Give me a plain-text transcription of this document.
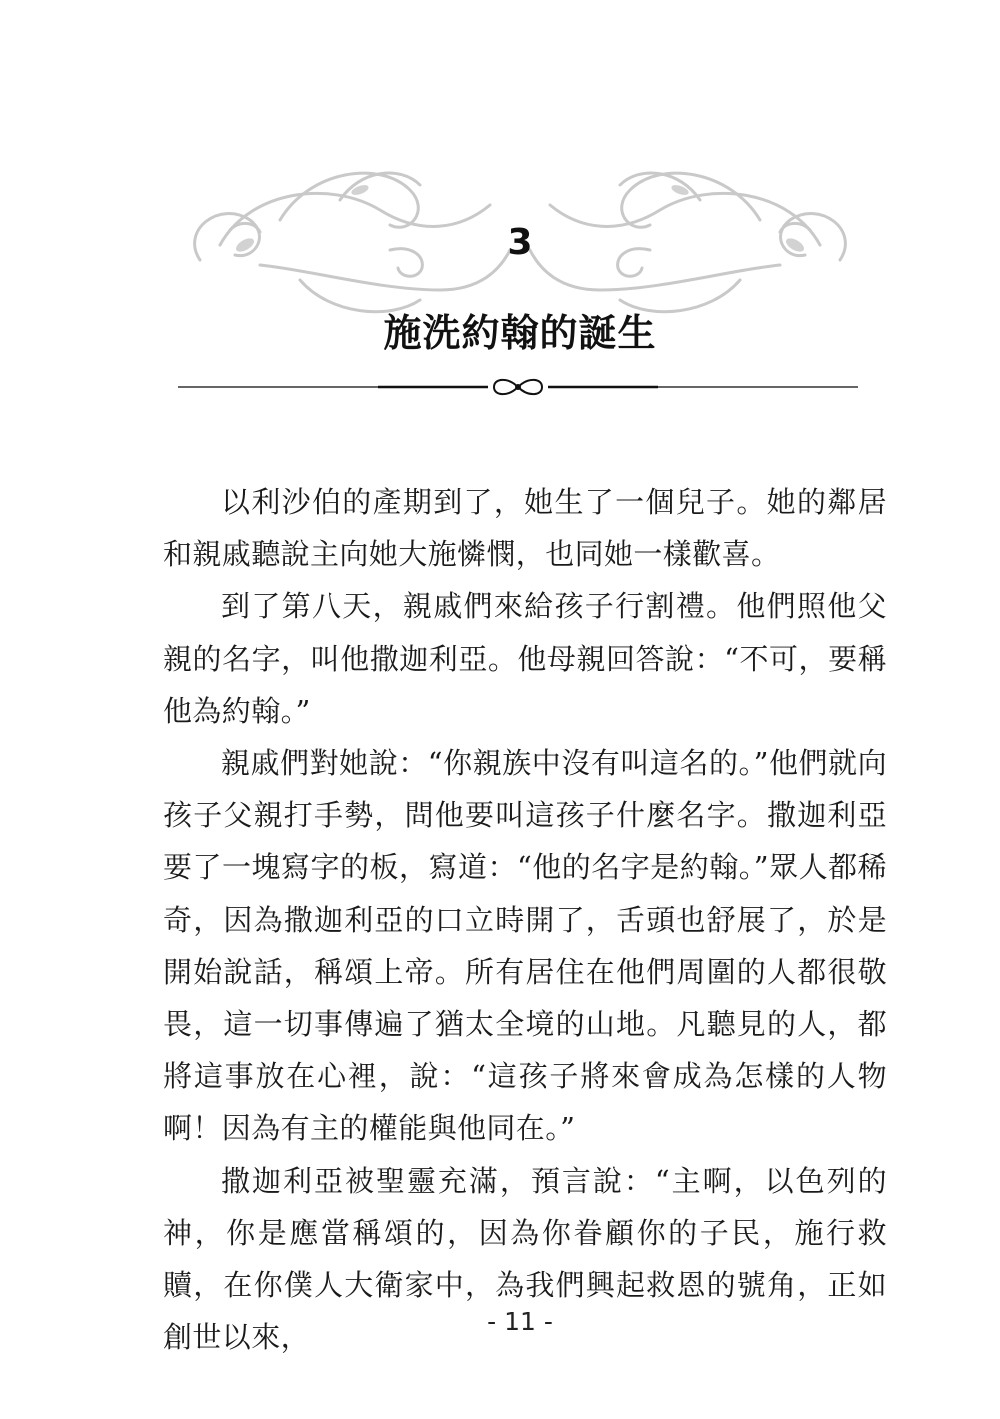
3
施洗約翰的誕生

以利沙伯的產期到了，她生了一個兒子。她的鄰居和親戚聽說主向她大施憐憫，也同她一樣歡喜。

到了第八天，親戚們來給孩子行割禮。他們照他父親的名字，叫他撒迦利亞。他母親回答說：“不可，要稱他為約翰。”

親戚們對她說：“你親族中沒有叫這名的。”他們就向孩子父親打手勢，問他要叫這孩子什麼名字。撒迦利亞要了一塊寫字的板，寫道：“他的名字是約翰。”眾人都稀奇，因為撒迦利亞的口立時開了，舌頭也舒展了，於是開始說話，稱頌上帝。所有居住在他們周圍的人都很敬畏，這一切事傳遍了猶太全境的山地。凡聽見的人，都將這事放在心裡，說：“這孩子將來會成為怎樣的人物啊！因為有主的權能與他同在。”

撒迦利亞被聖靈充滿，預言說：“主啊，以色列的神，你是應當稱頌的，因為你眷顧你的子民，施行救贖，在你僕人大衛家中，為我們興起救恩的號角，正如創世以來，	- 11 -
